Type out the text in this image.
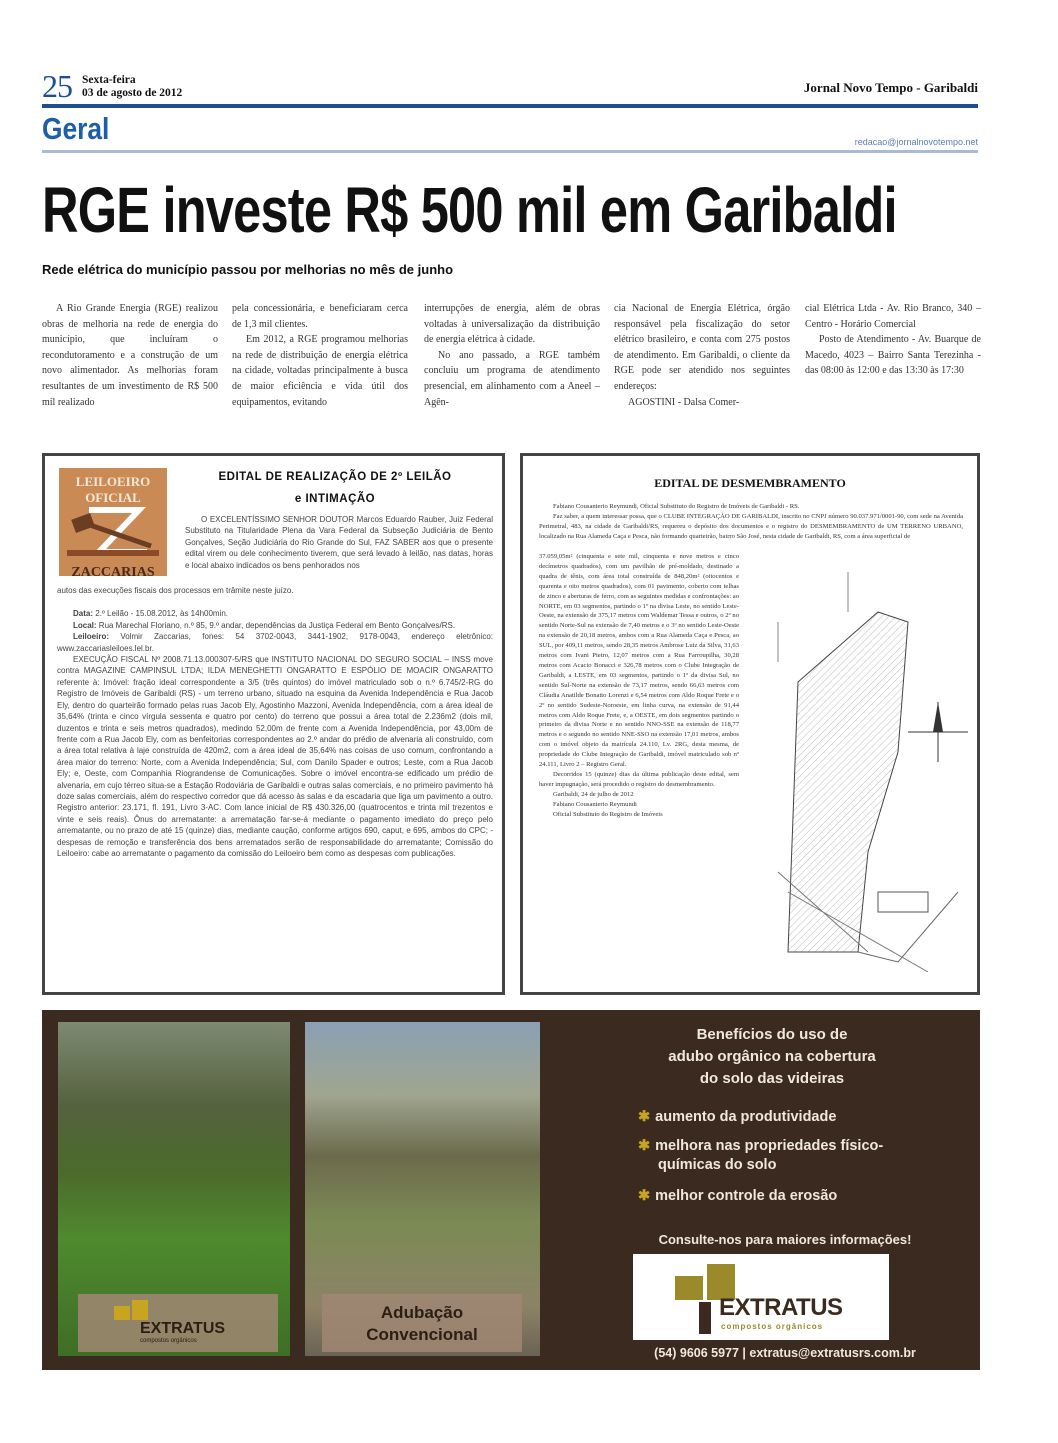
25 Sexta-feira
03 de agosto de 2012	Jornal Novo Tempo - Garibaldi
Geral	redacao@jornalnovotempo.net
RGE investe R$ 500 mil em Garibaldi
Rede elétrica do município passou por melhorias no mês de junho

A Rio Grande Energia (RGE) realizou obras de melhoria na rede de energia do município, que incluíram o recondutoramento e a construção de um novo alimentador. As melhorias foram resultantes de um investimento de R$ 500 mil realizado

pela concessionária, e beneficiaram cerca de 1,3 mil clientes.

Em 2012, a RGE programou melhorias na rede de distribuição de energia elétrica na cidade, voltadas principalmente à busca de maior eficiência e vida útil dos equipamentos, evitando

interrupções de energia, além de obras voltadas à universalização da distribuição de energia elétrica à cidade.

No ano passado, a RGE também concluiu um programa de atendimento presencial, em alinhamento com a Aneel – Agên-

cia Nacional de Energia Elétrica, órgão responsável pela fiscalização do setor elétrico brasileiro, e conta com 275 postos de atendimento. Em Garibaldi, o cliente da RGE pode ser atendido nos seguintes endereços:

AGOSTINI - Dalsa Comer-

cial Elétrica Ltda - Av. Rio Branco, 340 – Centro - Horário Comercial

Posto de Atendimento - Av. Buarque de Macedo, 4023 – Bairro Santa Terezinha - das 08:00 às 12:00 e das 13:30 às 17:30

LEILOEIRO
OFICIAL
ZACCARIAS
EDITAL DE REALIZAÇÃO DE 2º LEILÃO
e INTIMAÇÃO

O EXCELENTÍSSIMO SENHOR DOUTOR Marcos Eduardo Rauber, Juiz Federal Substituto na Titularidade Plena da Vara Federal da Subseção Judiciária de Bento Gonçalves, Seção Judiciária do Rio Grande do Sul, FAZ SABER aos que o presente edital virem ou dele conhecimento tiverem, que será levado à leilão, nas datas, horas e local abaixo indicados os bens penhorados nos

autos das execuções fiscais dos processos em trâmite neste juízo.

Data: 2.º Leilão - 15.08.2012, às 14h00min.

Local: Rua Marechal Floriano, n.º 85, 9.º andar, dependências da Justiça Federal em Bento Gonçalves/RS.

Leiloeiro: Volmir Zaccarias, fones: 54 3702-0043, 3441-1902, 9178-0043, endereço eletrônico: www.zaccariasleiloes.lel.br.

EXECUÇÃO FISCAL Nº 2008.71.13.000307-5/RS que INSTITUTO NACIONAL DO SEGURO SOCIAL – INSS move contra MAGAZINE CAMPINSUL LTDA; ILDA MENEGHETTI ONGARATTO E ESPÓLIO DE MOACIR ONGARATTO referente à: Imóvel: fração ideal correspondente a 3/5 (três quintos) do imóvel matriculado sob o n.º 6.745/2-RG do Registro de Imóveis de Garibaldi (RS) - um terreno urbano, situado na esquina da Avenida Independência e Rua Jacob Ely, dentro do quarteirão formado pelas ruas Jacob Ely, Agostinho Mazzoni, Avenida Independência, com a área ideal de 35,64% (trinta e cinco vírgula sessenta e quatro por cento) do terreno que possui a área total de 2.236m2 (dois mil, duzentos e trinta e seis metros quadrados), medindo 52,00m de frente com a Avenida Independência, por 43,00m de frente com a Rua Jacob Ely, com as benfeitorias correspondentes ao 2.º andar do prédio de alvenaria ali construído, com a área total relativa à laje construída de 420m2, com a área ideal de 35,64% nas coisas de uso comum, confrontando a área maior do terreno: Norte, com a Avenida Independência; Sul, com Danilo Spader e outros; Leste, com a Rua Jacob Ely; e, Oeste, com Companhia Riograndense de Comunicações. Sobre o imóvel encontra-se edificado um prédio de alvenaria, em cujo térreo situa-se a Estação Rodoviária de Garibaldi e outras salas comerciais, e no primeiro pavimento há doze salas comerciais, além do respectivo corredor que dá acesso às salas e da escadaria que liga um pavimento a outro. Registro anterior: 23.171, fl. 191, Livro 3-AC. Com lance inicial de R$ 430.326,00 (quatrocentos e trinta mil trezentos e vinte e seis reais). Ônus do arrematante: a arrematação far-se-á mediante o pagamento imediato do preço pelo arrematante, ou no prazo de até 15 (quinze) dias, mediante caução, conforme artigos 690, caput, e 695, ambos do CPC; - despesas de remoção e transferência dos bens arrematados serão de responsabilidade do arrematante; Comissão do Leiloeiro: cabe ao arrematante o pagamento da comissão do Leiloeiro bem como as despesas com publicações.

EDITAL DE DESMEMBRAMENTO

Fabiano Cousanterio Reymundi, Oficial Substituto do Registro de Imóveis de Garibaldi - RS.

Faz saber, a quem interessar possa, que o CLUBE INTEGRAÇÃO DE GARIBALDI, inscrito no CNPJ número 90.037.971/0001-90, com sede na Avenida Perimetral, 483, na cidade de Garibaldi/RS, requereu o depósito dos documentos e o registro do DESMEMBRAMENTO de UM TERRENO URBANO, localizado na Rua Alameda Caça e Pesca, não formando quarteirão, bairro São José, nesta cidade de Garibaldi, RS, com a área superficial de

37.059,05m² (cinquenta e sete mil, cinquenta e nove metros e cinco decímetros quadrados), com um pavilhão de pré-moldado, destinado a quadra de tênis, com área total construída de 848,20m² (oitocentos e quarenta e oito metros quadrados), com 01 pavimento, coberto com telhas de zinco e aberturas de ferro, com as seguintes medidas e confrontações: ao NORTE, em 03 segmentos, partindo o 1º na divisa Leste, no sentido Leste-Oeste, na extensão de 375,17 metros com Waldemar Tessa e outros, o 2º no sentido Norte-Sul na extensão de 7,40 metros e o 3º no sentido Leste-Oeste na extensão de 20,18 metros, ambos com a Rua Alameda Caça e Pesca, ao SUL, por 409,11 metros, sendo 28,35 metros Ambrose Luiz da Silva, 31,63 metros com Ivani Pietro, 12,07 metros com a Rua Farroupilha, 30,28 metros com Acacio Bonacci e 326,78 metros com o Clube Integração de Garibaldi, a LESTE, em 03 segmentos, partindo o 1º da divisa Sul, no sentido Sul-Norte na extensão de 73,17 metros, sendo 66,63 metros com Cláudia Anatilde Bonatto Lorenzi e 6,54 metros com Aldo Roque Frete e o 2º no sentido Sudeste-Noroeste, em linha curva, na extensão de 91,44 metros com Aldo Roque Frete, e, a OESTE, em dois segmentos partindo o primeiro da divisa Norte e no sentido NNO-SSE na extensão de 118,77 metros e o segundo no sentido NNE-SSO na extensão 17,01 metros, ambos com o imóvel objeto da matrícula 24.110, Lv. 2RG, desta mesma, de propriedade do Clube Integração de Garibaldi, imóvel matriculado sob nº 24.111, Livro 2 – Registro Geral.

Decorridos 15 (quinze) dias da última publicação deste edital, sem haver impugnação, será procedido o registro do desmembramento.

Garibaldi, 24 de julho de 2012

Fabiano Cousanterio Reymundi

Oficial Substituto do Registro de Imóveis

EXTRATUS
compostos orgânicos
Adubação
Convencional
Benefícios do uso de
adubo orgânico na cobertura
do solo das videiras
✱ aumento da produtividade
✱ melhora nas propriedades físico-químicas do solo
✱ melhor controle da erosão
Consulte-nos para maiores informações!
EXTRATUS
compostos orgânicos
(54) 9606 5977 | extratus@extratusrs.com.br
